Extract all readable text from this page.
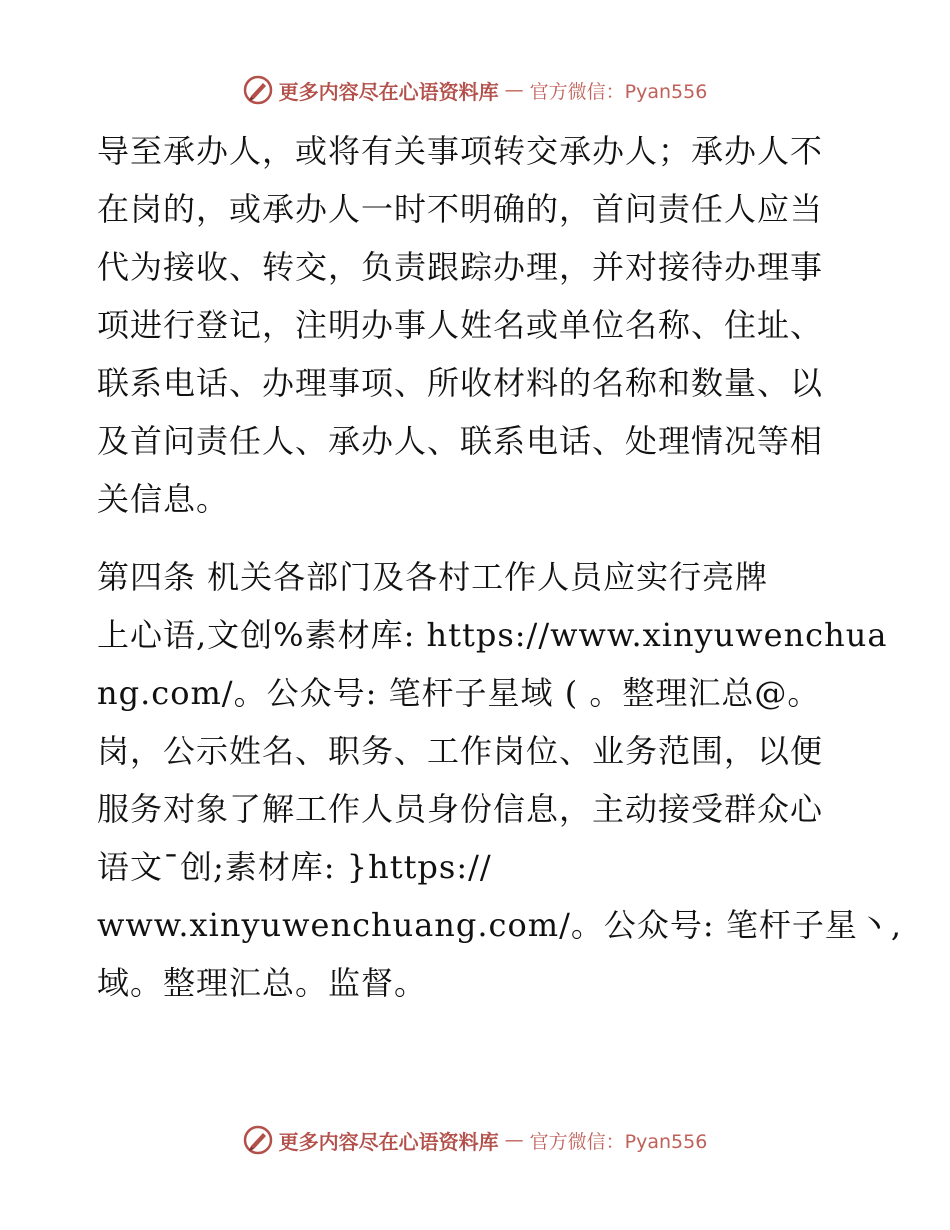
更多内容尽在心语资料库 — 官方微信：Pyan556
导至承办人，或将有关事项转交承办人；承办人不
在岗的，或承办人一时不明确的，首问责任人应当
代为接收、转交，负责跟踪办理，并对接待办理事
项进行登记，注明办事人姓名或单位名称、住址、
联系电话、办理事项、所收材料的名称和数量、以
及首问责任人、承办人、联系电话、处理情况等相
关信息。
第四条 机关各部门及各村工作人员应实行亮牌
上心语,文创%素材库: https://www.xinyuwenchua
ng.com/。公众号: 笔杆子星域 ( 。整理汇总@。
岗，公示姓名、职务、工作岗位、业务范围，以便
服务对象了解工作人员身份信息，主动接受群众心
语文¯创;素材库: }https://
www.xinyuwenchuang.com/。公众号: 笔杆子星丶,
域。整理汇总。监督。
更多内容尽在心语资料库 — 官方微信：Pyan556
